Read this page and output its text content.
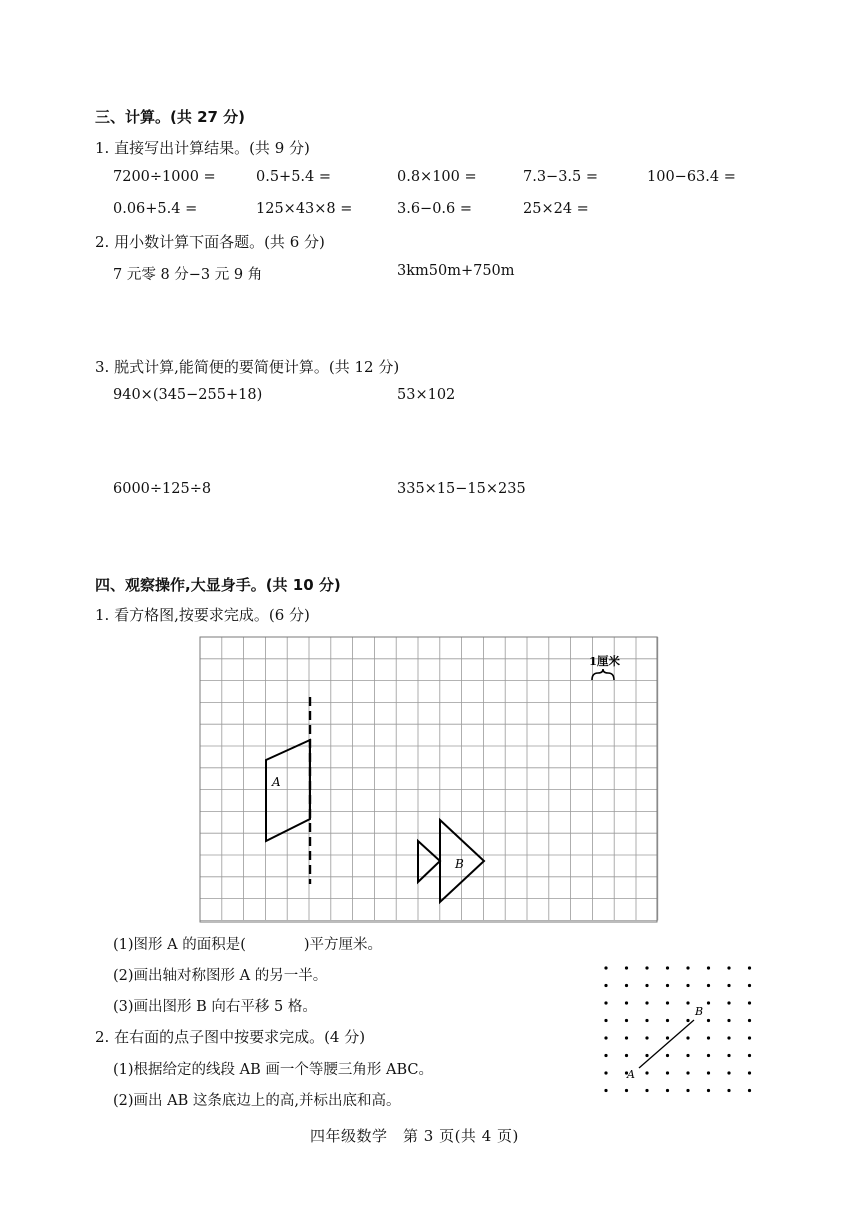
三、计算。(共 27 分)
1. 直接写出计算结果。(共 9 分)
7200÷1000 =	0.5+5.4 =	0.8×100 =	7.3−3.5 =	100−63.4 =
0.06+5.4 =	125×43×8 =	3.6−0.6 =	25×24 =
2. 用小数计算下面各题。(共 6 分)
7 元零 8 分−3 元 9 角	3km50m+750m
3. 脱式计算,能简便的要简便计算。(共 12 分)
940×(345−255+18)	53×102
6000÷125÷8	335×15−15×235
四、观察操作,大显身手。(共 10 分)
1. 看方格图,按要求完成。(6 分)
1厘米
A
B
(1)图形 A 的面积是(	)平方厘米。
(2)画出轴对称图形 A 的另一半。
(3)画出图形 B 向右平移 5 格。
2. 在右面的点子图中按要求完成。(4 分)
(1)根据给定的线段 AB 画一个等腰三角形 ABC。
(2)画出 AB 这条底边上的高,并标出底和高。
A
B
四年级数学　第 3 页(共 4 页)
